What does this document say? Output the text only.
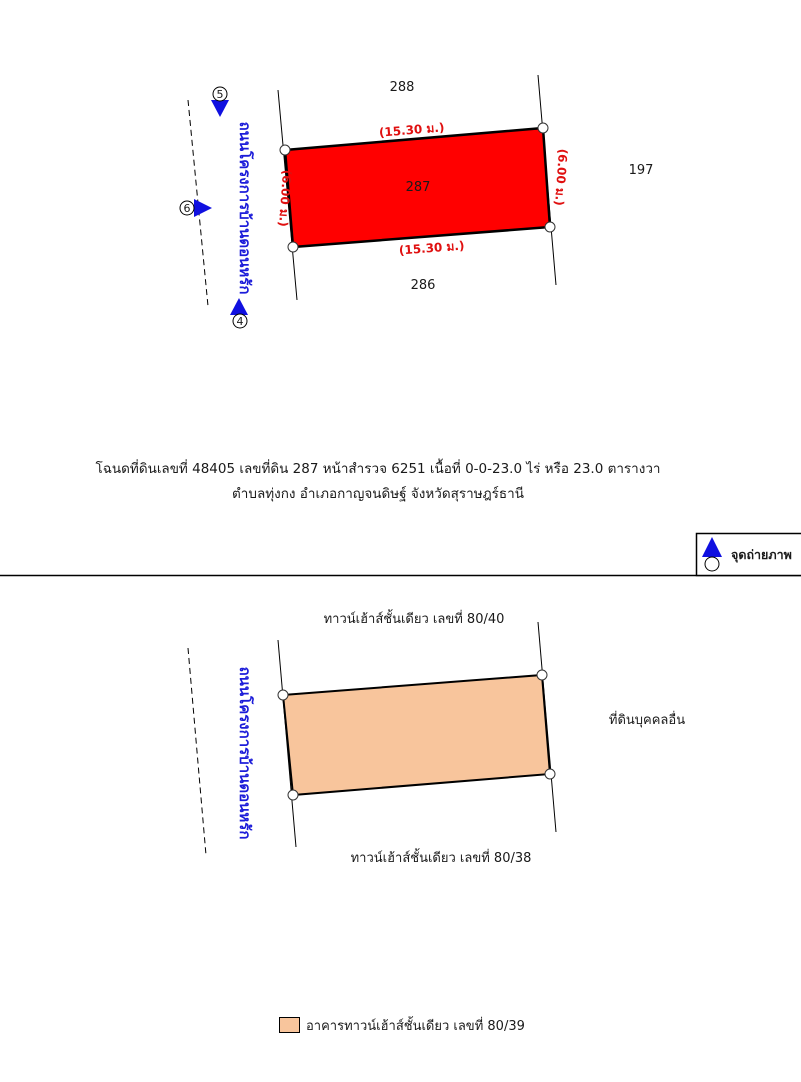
287
288
286
197
(15.30 ม.)
(15.30 ม.)
(6.00 ม.)	(6.00 ม.)
ถนนโครงการบ้านดอนหรัก
5
6
4
โฉนดที่ดินเลขที่ 48405 เลขที่ดิน 287 หน้าสำรวจ 6251 เนื้อที่ 0-0-23.0 ไร่ หรือ 23.0 ตารางวา
ตำบลทุ่งกง อำเภอกาญจนดิษฐ์ จังหวัดสุราษฎร์ธานี
จุดถ่ายภาพ
ทาวน์เฮ้าส์ชั้นเดียว เลขที่ 80/40
ทาวน์เฮ้าส์ชั้นเดียว เลขที่ 80/38
ที่ดินบุคคลอื่น
ถนนโครงการบ้านดอนหรัก
อาคารทาวน์เฮ้าส์ชั้นเดียว เลขที่ 80/39
